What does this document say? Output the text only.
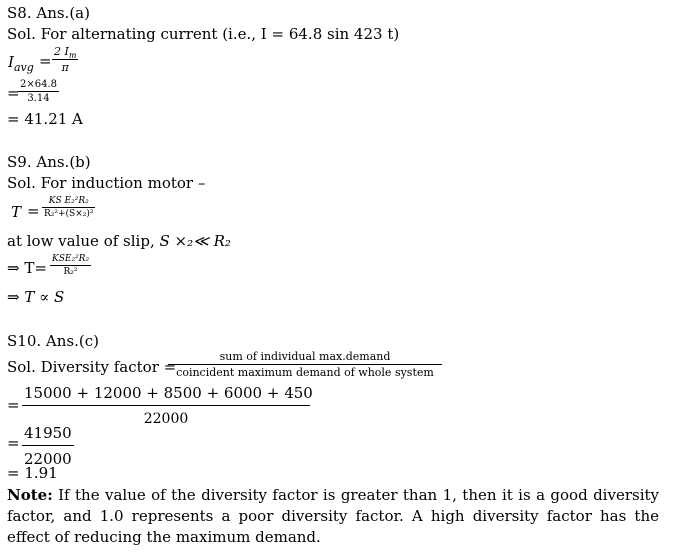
S8. Ans.(a)
Sol. For alternating current (i.e., I = 64.8 sin 423 t)
$I_{avg}$ =
2 $I_m$
π
= 2×64.8
3.14
= 41.21 A
S9. Ans.(b)
Sol. For induction motor –
T =
KS E₂²R₂
R₂²+(S×₂)²
at low value of slip, S ×₂≪ R₂
⇒ T= KSE₂²R₂
R₂²
⇒ T ∝ S
S10. Ans.(c)
Sol. Diversity factor =
sum of individual max.demand
coincident maximum demand of whole system
=
15000 + 12000 + 8500 + 6000 + 450
22000
=
41950
22000
= 1.91
Note: If the value of the diversity factor is greater than 1, then it is a good diversity factor, and 1.0 represents a poor diversity factor. A high diversity factor has the effect of reducing the maximum demand.
